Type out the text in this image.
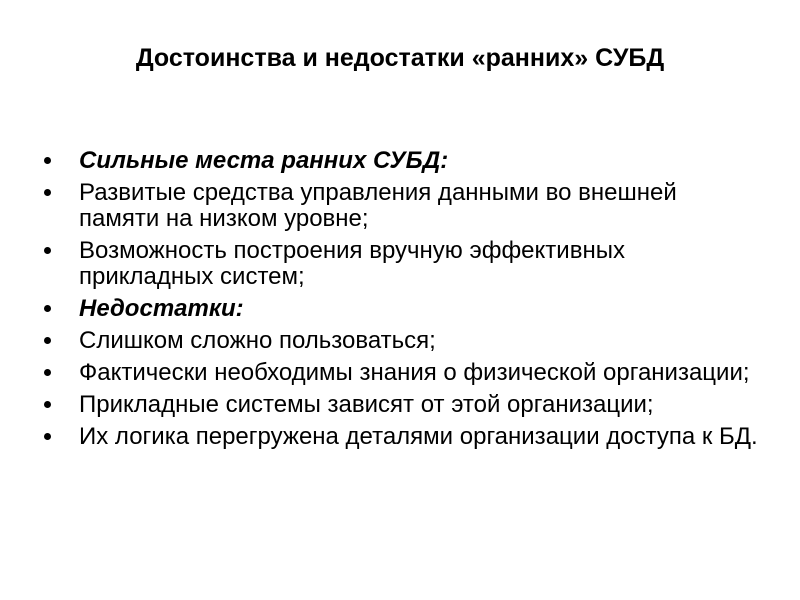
Достоинства и недостатки «ранних» СУБД
Сильные места ранних СУБД:
Развитые средства управления данными во внешней памяти на низком уровне;
Возможность построения вручную эффективных прикладных систем;
Недостатки:
Слишком сложно пользоваться;
Фактически необходимы знания о физической организации;
Прикладные системы зависят от этой организации;
Их логика перегружена деталями организации доступа к БД.
